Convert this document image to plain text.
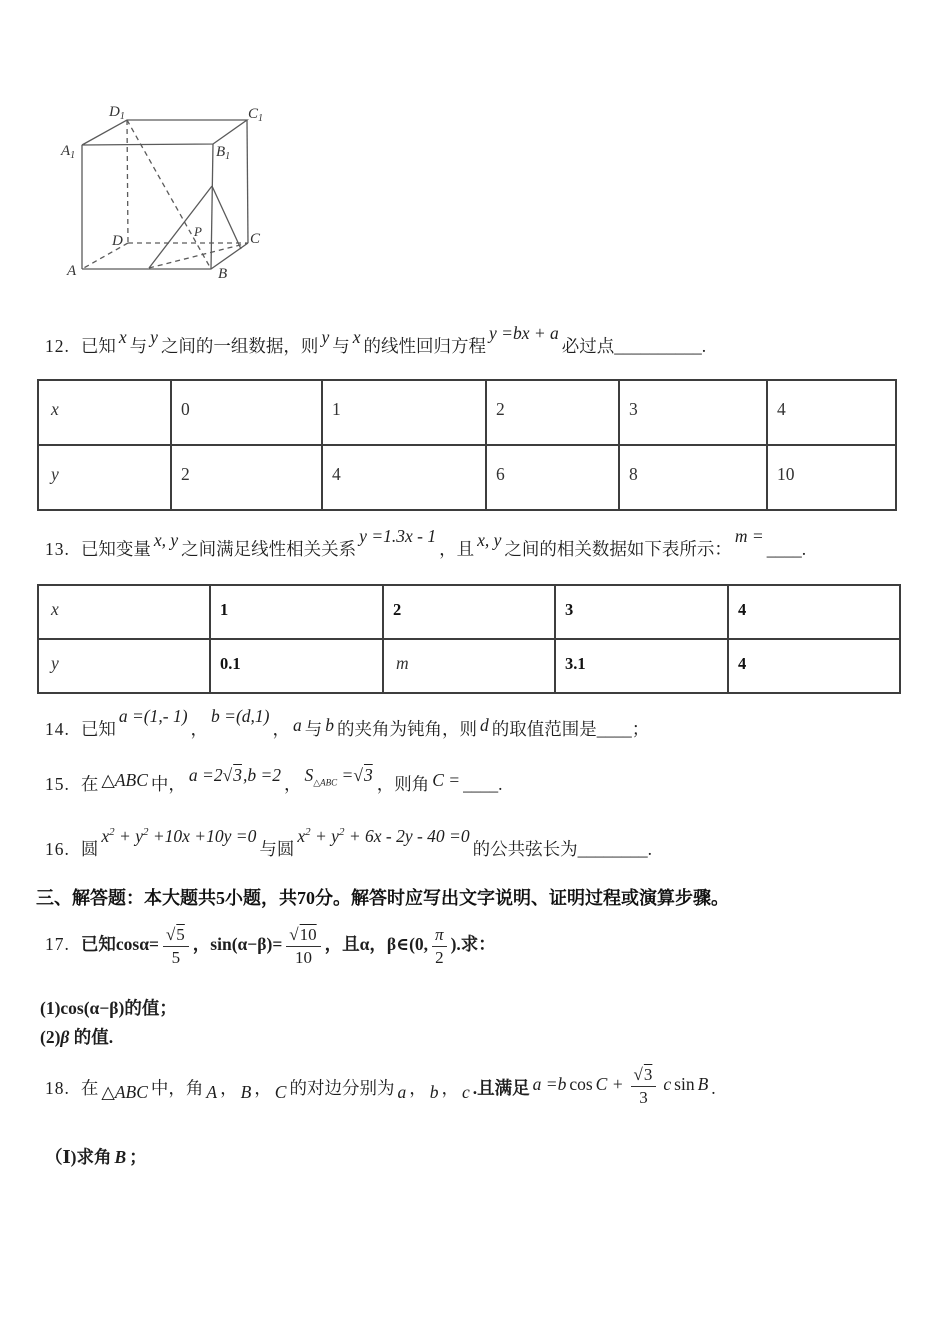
$D_1$	$C_1$
$A_1$	$B_1$
D	C
A	B
P
12. 已知 x 与 y 之间的一组数据，则 y 与 x 的线性回归方程y =bx + a必过点__________.
x	0	1	2	3	4
y	2	4	6	8	10
13. 已知变量 x, y 之间满足线性相关关系y =1.3x - 1，且 x, y 之间的相关数据如下表所示：m =____.
x	1	2	3	4
y	0.1	m	3.1	4
14. 已知a =(1,- 1)，b =(d,1)， a 与 b 的夹角为钝角，则 d 的取值范围是____；
15. 在 △ABC 中， a =2√3,b =2 ， $S_{\triangle ABC} =√3$ ，则角 C = ____.
16. 圆$x^2 + y^2 +10x +10y =0$与圆$x^2 + y^2 + 6x - 2y - 40 =0$的公共弦长为________.
三、解答题：本大题共5小题，共70分。解答时应写出文字说明、证明过程或演算步骤。
17. 已知$\cos\alpha= \frac{√5}{5}$ ，$\sin(\alpha-\beta)= \frac{√10}{10}$ ，且α，β∈(0, $\frac{\pi}{2}$ ).求：
(1)cos(α−β)的值；
(2)β 的值.
18. 在 △ABC 中，角 A ， B ， C 的对边分别为 a ， b ， c .且满足 a =b $\cos C + \frac{√3}{3}$ c sin B .
（Ⅰ)求角 B ；
